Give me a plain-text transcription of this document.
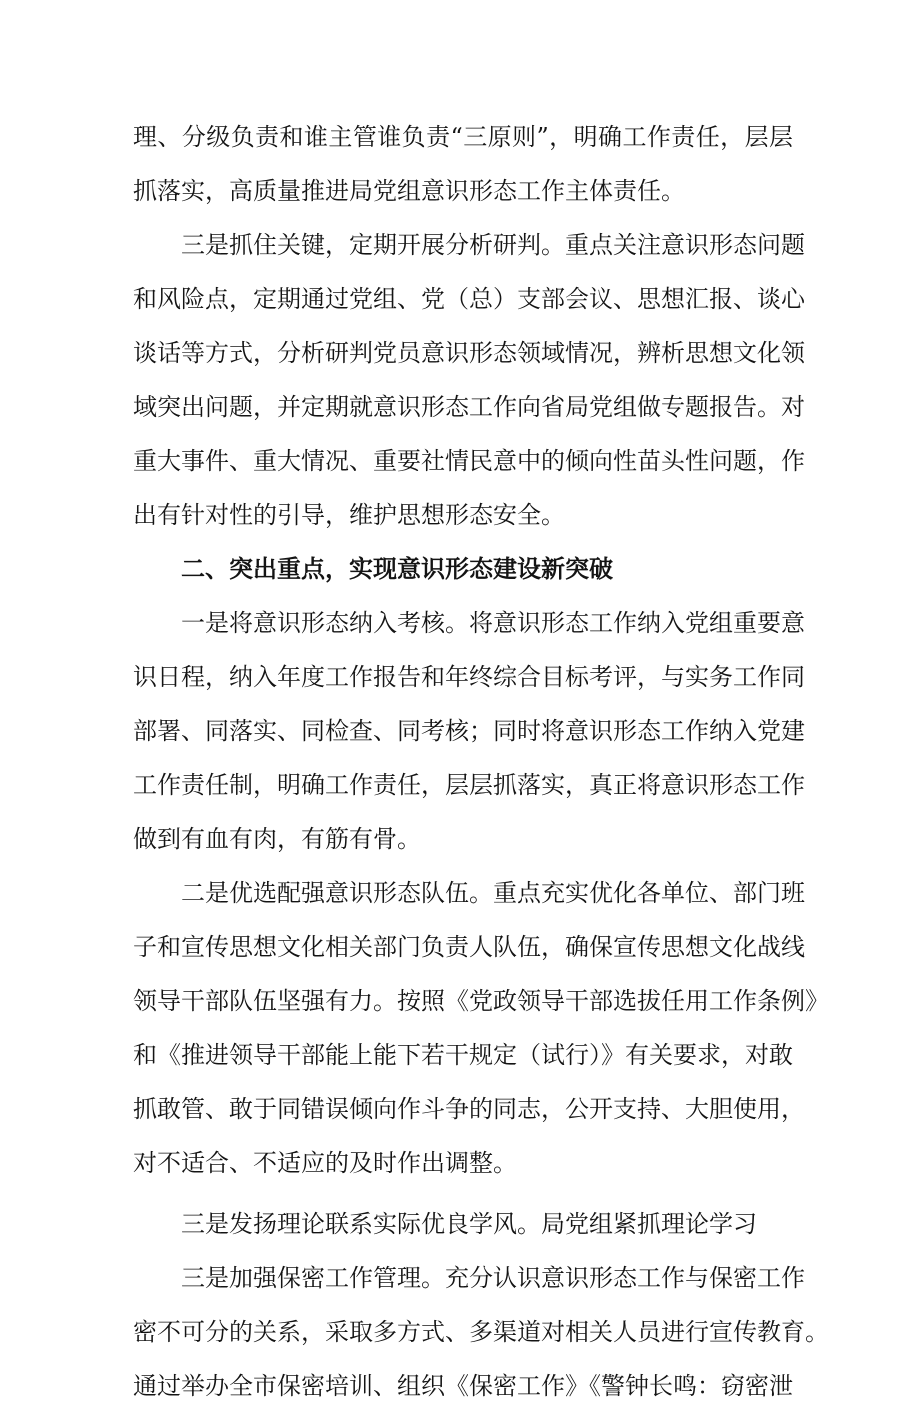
理、分级负责和谁主管谁负责“三原则”，明确工作责任，层层
抓落实，高质量推进局党组意识形态工作主体责任。
三是抓住关键，定期开展分析研判。重点关注意识形态问题
和风险点，定期通过党组、党（总）支部会议、思想汇报、谈心
谈话等方式，分析研判党员意识形态领域情况，辨析思想文化领
域突出问题，并定期就意识形态工作向省局党组做专题报告。对
重大事件、重大情况、重要社情民意中的倾向性苗头性问题，作
出有针对性的引导，维护思想形态安全。
二、突出重点，实现意识形态建设新突破
一是将意识形态纳入考核。将意识形态工作纳入党组重要意
识日程，纳入年度工作报告和年终综合目标考评，与实务工作同
部署、同落实、同检查、同考核；同时将意识形态工作纳入党建
工作责任制，明确工作责任，层层抓落实，真正将意识形态工作
做到有血有肉，有筋有骨。
二是优选配强意识形态队伍。重点充实优化各单位、部门班
子和宣传思想文化相关部门负责人队伍，确保宣传思想文化战线
领导干部队伍坚强有力。按照《党政领导干部选拔任用工作条例》
和《推进领导干部能上能下若干规定（试行）》有关要求，对敢
抓敢管、敢于同错误倾向作斗争的同志，公开支持、大胆使用，
对不适合、不适应的及时作出调整。
三是发扬理论联系实际优良学风。局党组紧抓理论学习
三是加强保密工作管理。充分认识意识形态工作与保密工作
密不可分的关系，采取多方式、多渠道对相关人员进行宣传教育。
通过举办全市保密培训、组织《保密工作》《警钟长鸣：窃密泄
